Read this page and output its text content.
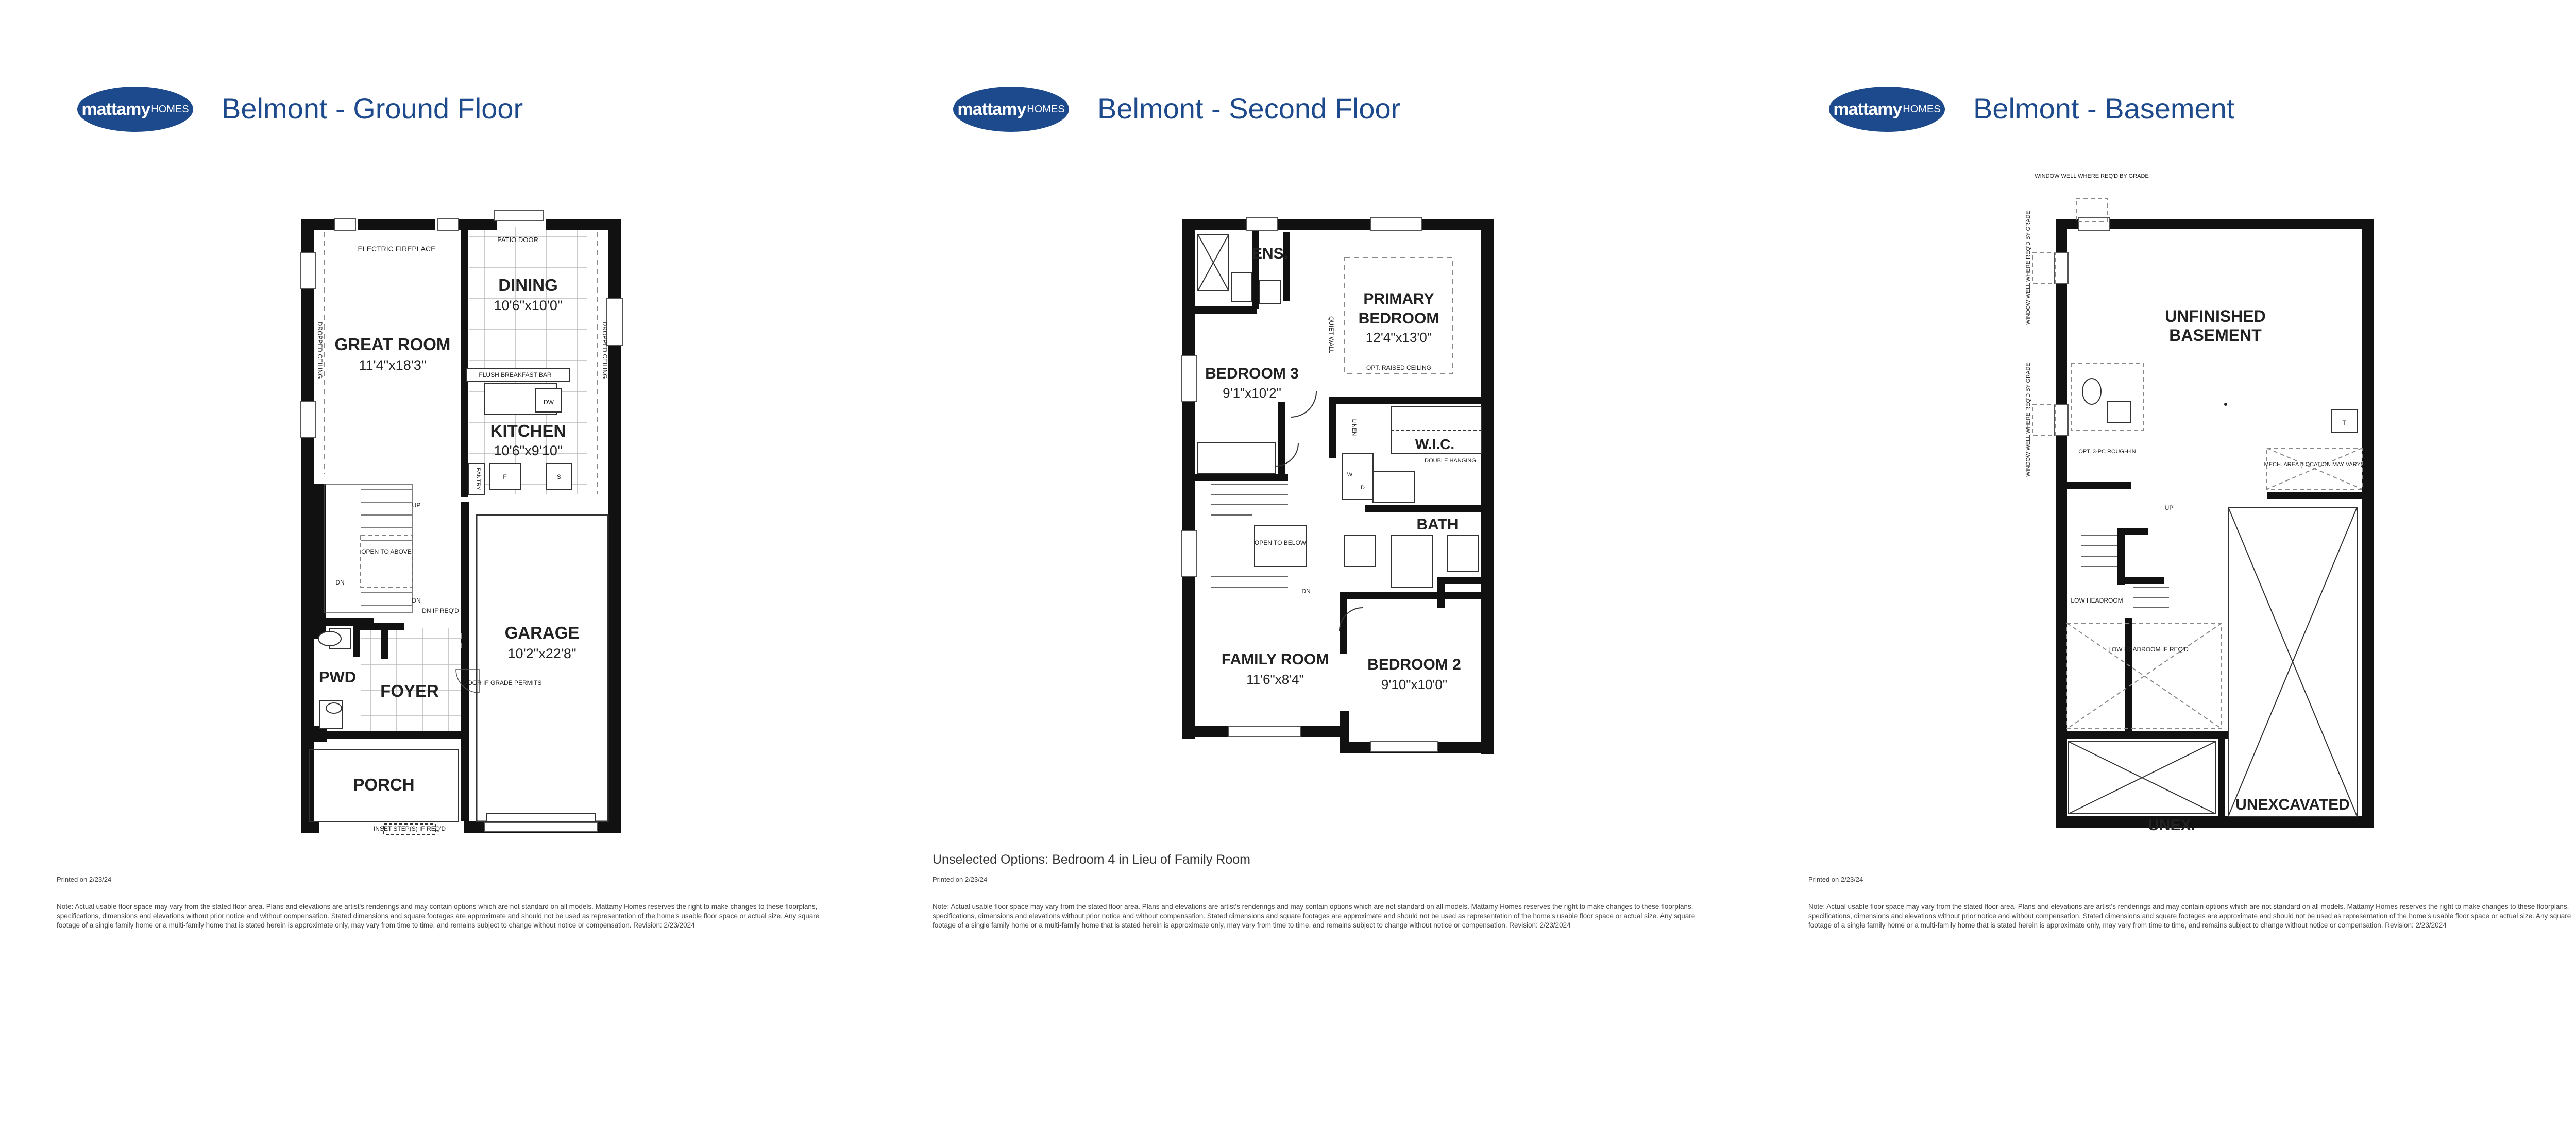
mattamy HOMES Belmont - Ground Floor
ELECTRIC FIREPLACE
PATIO DOOR
DROPPED CEILING	DROPPED CEILING
GREAT ROOM
11'4"x18'3"
DINING
10'6"x10'0"
FLUSH BREAKFAST BAR
DW
KITCHEN
10'6"x9'10"
PANTRY	F	S
UP
OPEN TO ABOVE
DN
DN
DN IF REQ'D
GARAGE
10'2"x22'8"
PWD
FOYER	DOOR IF GRADE PERMITS
PORCH
INSET STEP(S) IF REQ'D
Printed on 2/23/24
Note: Actual usable floor space may vary from the stated floor area. Plans and elevations are artist's renderings and may contain options which are not standard on all models. Mattamy Homes reserves the right to make changes to these floorplans, specifications, dimensions and elevations without prior notice and without compensation. Stated dimensions and square footages are approximate and should not be used as representation of the home's usable floor space or actual size. Any square footage of a single family home or a multi-family home that is stated herein is approximate only, may vary from time to time, and remains subject to change without notice or compensation. Revision: 2/23/2024
mattamy HOMES Belmont - Second Floor
ENS.
PRIMARY
BEDROOM
12'4"x13'0"
OPT. RAISED CEILING
QUIET WALL
BEDROOM 3
9'1"x10'2"
LINEN
W.I.C.
DOUBLE HANGING
W
D
BATH
OPEN TO BELOW
DN
FAMILY ROOM
11'6"x8'4"
BEDROOM 2
9'10"x10'0"
Unselected Options: Bedroom 4 in Lieu of Family Room
Printed on 2/23/24
Note: Actual usable floor space may vary from the stated floor area. Plans and elevations are artist's renderings and may contain options which are not standard on all models. Mattamy Homes reserves the right to make changes to these floorplans, specifications, dimensions and elevations without prior notice and without compensation. Stated dimensions and square footages are approximate and should not be used as representation of the home's usable floor space or actual size. Any square footage of a single family home or a multi-family home that is stated herein is approximate only, may vary from time to time, and remains subject to change without notice or compensation. Revision: 2/23/2024
mattamy HOMES Belmont - Basement
WINDOW WELL WHERE REQ'D BY GRADE
WINDOW WELL WHERE REQ'D BY GRADE
WINDOW WELL WHERE REQ'D BY GRADE
UNFINISHED
BASEMENT
OPT. 3-PC ROUGH-IN
MECH. AREA (LOCATION MAY VARY)
T
UP
LOW HEADROOM
LOW HEADROOM IF REQ'D
UNEXCAVATED
UNEX.
Printed on 2/23/24
Note: Actual usable floor space may vary from the stated floor area. Plans and elevations are artist's renderings and may contain options which are not standard on all models. Mattamy Homes reserves the right to make changes to these floorplans, specifications, dimensions and elevations without prior notice and without compensation. Stated dimensions and square footages are approximate and should not be used as representation of the home's usable floor space or actual size. Any square footage of a single family home or a multi-family home that is stated herein is approximate only, may vary from time to time, and remains subject to change without notice or compensation. Revision: 2/23/2024
